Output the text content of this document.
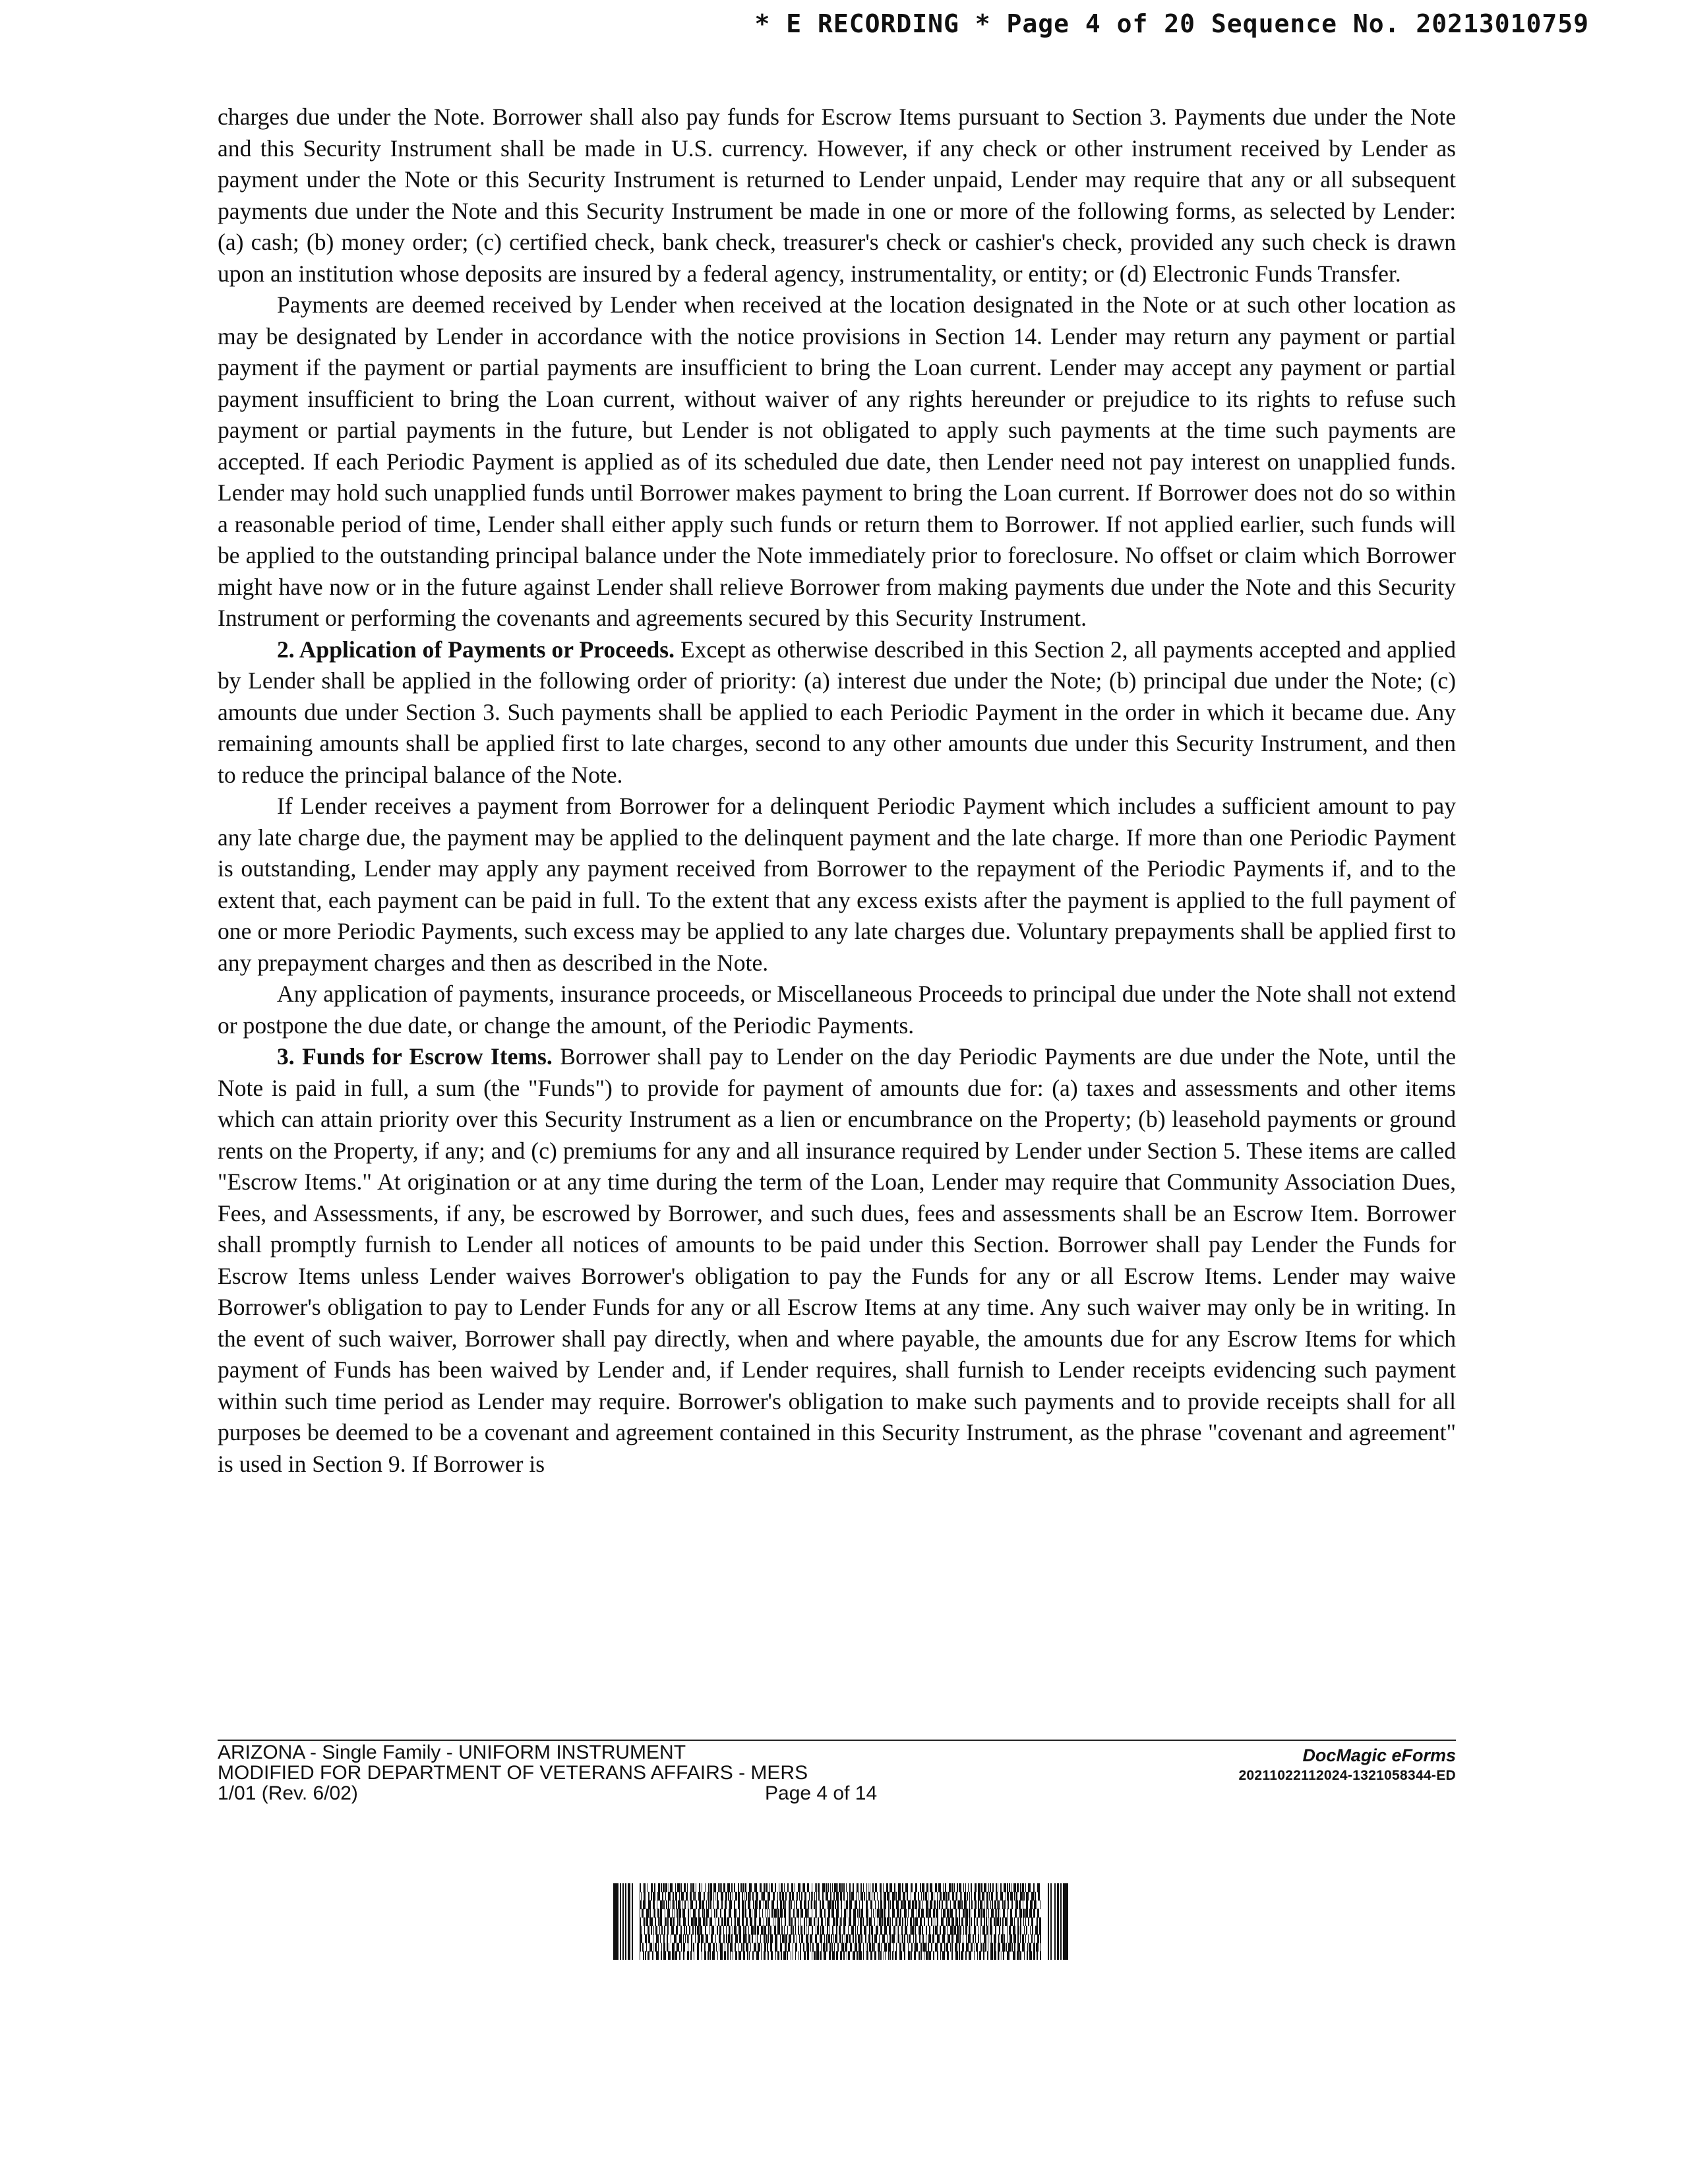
* E RECORDING * Page 4 of 20 Sequence No. 20213010759

charges due under the Note. Borrower shall also pay funds for Escrow Items pursuant to Section 3. Payments due under the Note and this Security Instrument shall be made in U.S. currency. However, if any check or other instrument received by Lender as payment under the Note or this Security Instrument is returned to Lender unpaid, Lender may require that any or all subsequent payments due under the Note and this Security Instrument be made in one or more of the following forms, as selected by Lender: (a) cash; (b) money order; (c) certified check, bank check, treasurer's check or cashier's check, provided any such check is drawn upon an institution whose deposits are insured by a federal agency, instrumentality, or entity; or (d) Electronic Funds Transfer.

Payments are deemed received by Lender when received at the location designated in the Note or at such other location as may be designated by Lender in accordance with the notice provisions in Section 14. Lender may return any payment or partial payment if the payment or partial payments are insufficient to bring the Loan current. Lender may accept any payment or partial payment insufficient to bring the Loan current, without waiver of any rights hereunder or prejudice to its rights to refuse such payment or partial payments in the future, but Lender is not obligated to apply such payments at the time such payments are accepted. If each Periodic Payment is applied as of its scheduled due date, then Lender need not pay interest on unapplied funds. Lender may hold such unapplied funds until Borrower makes payment to bring the Loan current. If Borrower does not do so within a reasonable period of time, Lender shall either apply such funds or return them to Borrower. If not applied earlier, such funds will be applied to the outstanding principal balance under the Note immediately prior to foreclosure. No offset or claim which Borrower might have now or in the future against Lender shall relieve Borrower from making payments due under the Note and this Security Instrument or performing the covenants and agreements secured by this Security Instrument.

2. Application of Payments or Proceeds. Except as otherwise described in this Section 2, all payments accepted and applied by Lender shall be applied in the following order of priority: (a) interest due under the Note; (b) principal due under the Note; (c) amounts due under Section 3. Such payments shall be applied to each Periodic Payment in the order in which it became due. Any remaining amounts shall be applied first to late charges, second to any other amounts due under this Security Instrument, and then to reduce the principal balance of the Note.

If Lender receives a payment from Borrower for a delinquent Periodic Payment which includes a sufficient amount to pay any late charge due, the payment may be applied to the delinquent payment and the late charge. If more than one Periodic Payment is outstanding, Lender may apply any payment received from Borrower to the repayment of the Periodic Payments if, and to the extent that, each payment can be paid in full. To the extent that any excess exists after the payment is applied to the full payment of one or more Periodic Payments, such excess may be applied to any late charges due. Voluntary prepayments shall be applied first to any prepayment charges and then as described in the Note.

Any application of payments, insurance proceeds, or Miscellaneous Proceeds to principal due under the Note shall not extend or postpone the due date, or change the amount, of the Periodic Payments.

3. Funds for Escrow Items. Borrower shall pay to Lender on the day Periodic Payments are due under the Note, until the Note is paid in full, a sum (the "Funds") to provide for payment of amounts due for: (a) taxes and assessments and other items which can attain priority over this Security Instrument as a lien or encumbrance on the Property; (b) leasehold payments or ground rents on the Property, if any; and (c) premiums for any and all insurance required by Lender under Section 5. These items are called "Escrow Items." At origination or at any time during the term of the Loan, Lender may require that Community Association Dues, Fees, and Assessments, if any, be escrowed by Borrower, and such dues, fees and assessments shall be an Escrow Item. Borrower shall promptly furnish to Lender all notices of amounts to be paid under this Section. Borrower shall pay Lender the Funds for Escrow Items unless Lender waives Borrower's obligation to pay the Funds for any or all Escrow Items. Lender may waive Borrower's obligation to pay to Lender Funds for any or all Escrow Items at any time. Any such waiver may only be in writing. In the event of such waiver, Borrower shall pay directly, when and where payable, the amounts due for any Escrow Items for which payment of Funds has been waived by Lender and, if Lender requires, shall furnish to Lender receipts evidencing such payment within such time period as Lender may require. Borrower's obligation to make such payments and to provide receipts shall for all purposes be deemed to be a covenant and agreement contained in this Security Instrument, as the phrase "covenant and agreement" is used in Section 9. If Borrower is

ARIZONA - Single Family - UNIFORM INSTRUMENT
MODIFIED FOR DEPARTMENT OF VETERANS AFFAIRS - MERS
1/01 (Rev. 6/02)	Page 4 of 14
DocMagic eForms
20211022112024-1321058344-ED
